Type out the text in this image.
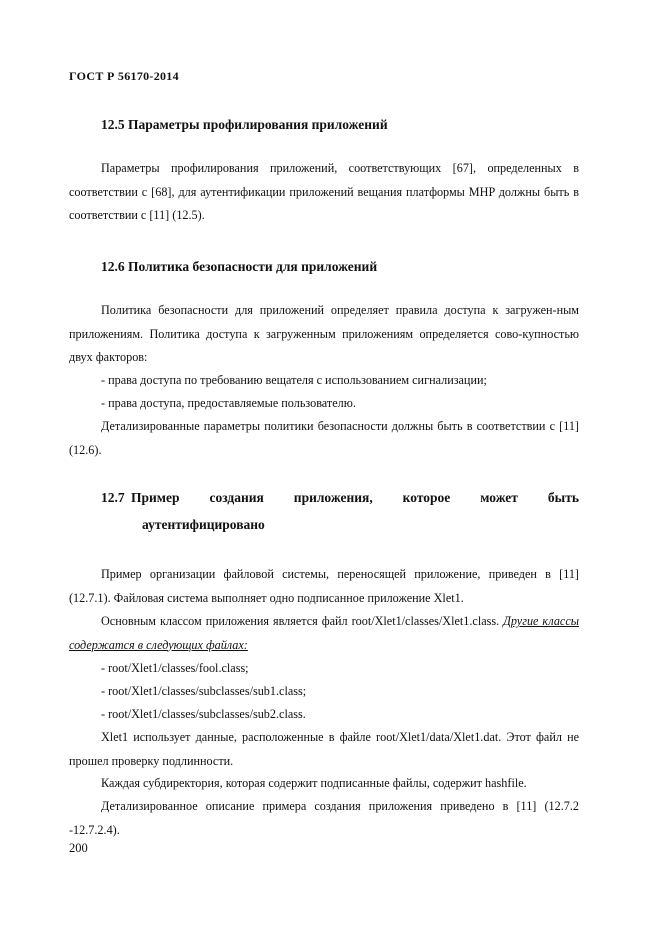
ГОСТ Р 56170-2014
12.5 Параметры профилирования приложений

Параметры профилирования приложений, соответствующих [67], определенных в соответствии с [68], для аутентификации приложений вещания платформы MHP должны быть в соответствии с [11] (12.5).

12.6 Политика безопасности для приложений

Политика безопасности для приложений определяет правила доступа к загружен-ным приложениям. Политика доступа к загруженным приложениям определяется сово-купностью двух факторов:

- права доступа по требованию вещателя с использованием сигнализации;
- права доступа, предоставляемые пользователю.

Детализированные параметры политики безопасности должны быть в соответствии с [11] (12.6).

12.7 Пример создания приложения, которое может быть
аутентифицировано

Пример организации файловой системы, переносящей приложение, приведен в [11] (12.7.1). Файловая система выполняет одно подписанное приложение Xlet1.

Основным классом приложения является файл root/Xlet1/classes/Xlet1.class. Другие классы содержатся в следующих файлах:

- root/Xlet1/classes/fool.class;
- root/Xlet1/classes/subclasses/sub1.class;
- root/Xlet1/classes/subclasses/sub2.class.

Xlet1 использует данные, расположенные в файле root/Xlet1/data/Xlet1.dat. Этот файл не прошел проверку подлинности.

Каждая субдиректория, которая содержит подписанные файлы, содержит hashfile.

Детализированное описание примера создания приложения приведено в [11] (12.7.2 -12.7.2.4).

200
